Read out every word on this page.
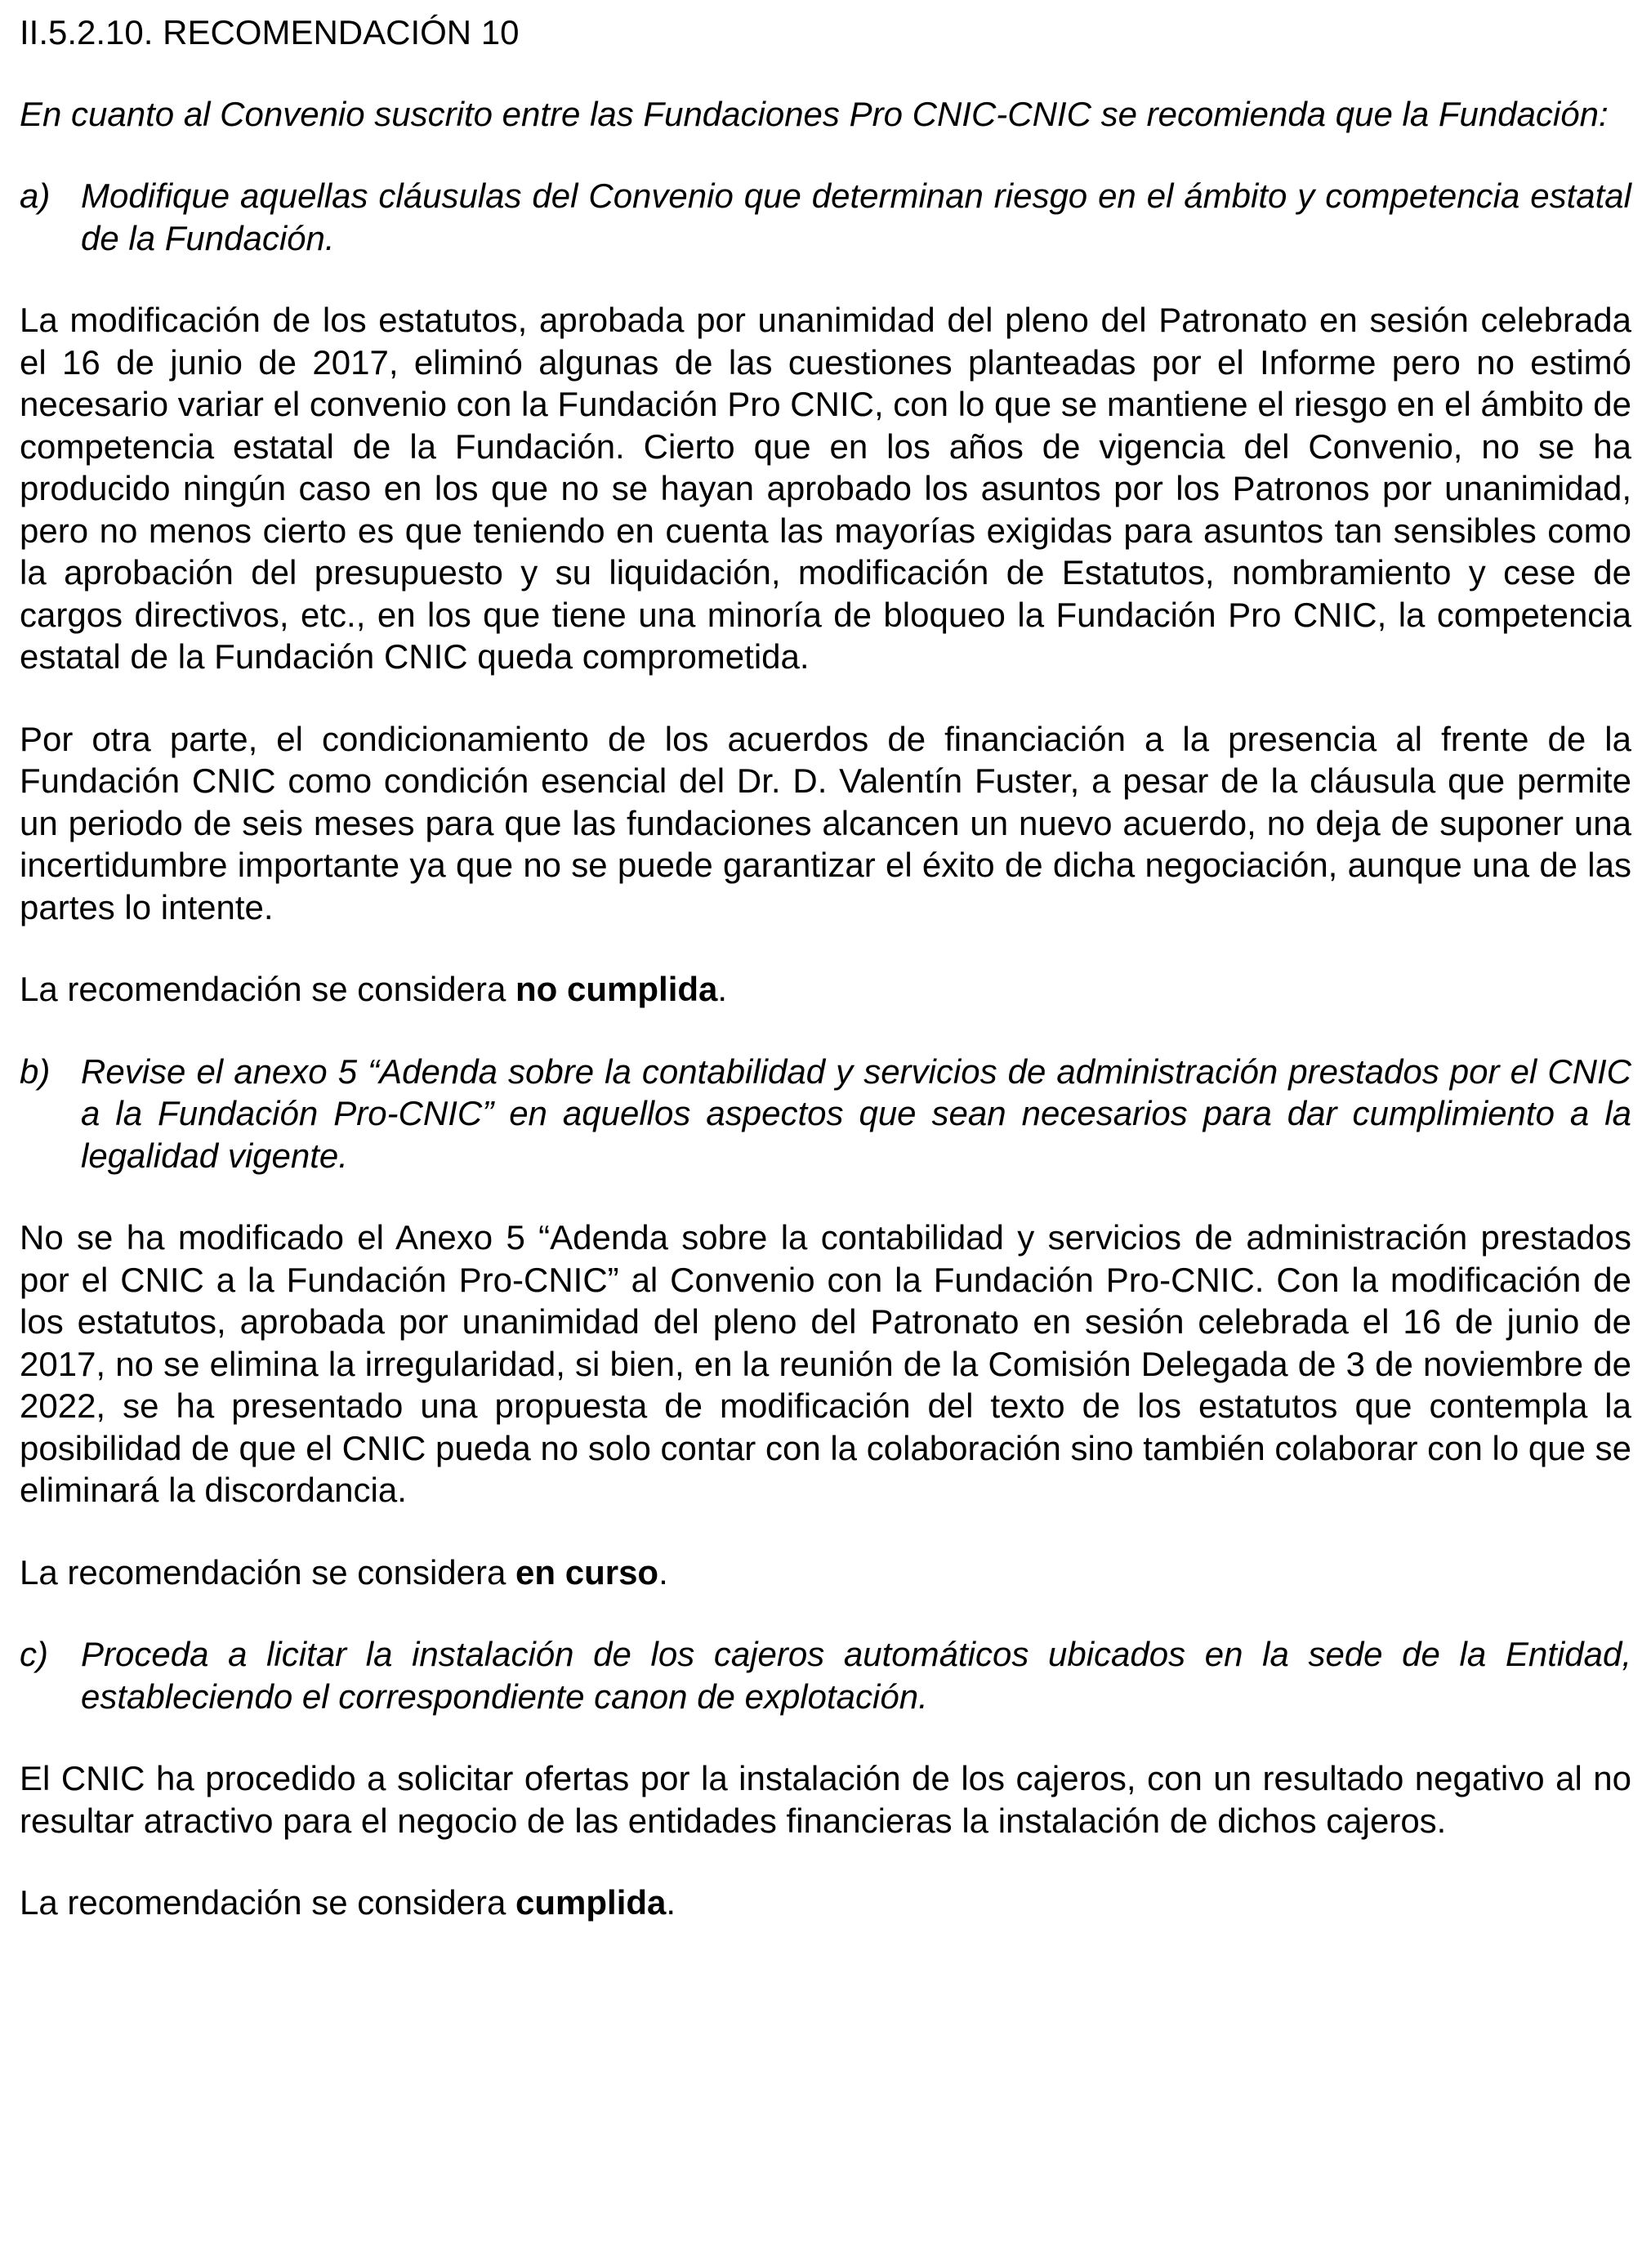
II.5.2.10. RECOMENDACIÓN 10
En cuanto al Convenio suscrito entre las Fundaciones Pro CNIC-CNIC se recomienda que la Fundación:
a) Modifique aquellas cláusulas del Convenio que determinan riesgo en el ámbito y competencia estatal de la Fundación.
La modificación de los estatutos, aprobada por unanimidad del pleno del Patronato en sesión celebrada el 16 de junio de 2017, eliminó algunas de las cuestiones planteadas por el Informe pero no estimó necesario variar el convenio con la Fundación Pro CNIC, con lo que se mantiene el riesgo en el ámbito de competencia estatal de la Fundación. Cierto que en los años de vigencia del Convenio, no se ha producido ningún caso en los que no se hayan aprobado los asuntos por los Patronos por unanimidad, pero no menos cierto es que teniendo en cuenta las mayorías exigidas para asuntos tan sensibles como la aprobación del presupuesto y su liquidación, modificación de Estatutos, nombramiento y cese de cargos directivos, etc., en los que tiene una minoría de bloqueo la Fundación Pro CNIC, la competencia estatal de la Fundación CNIC queda comprometida.
Por otra parte, el condicionamiento de los acuerdos de financiación a la presencia al frente de la Fundación CNIC como condición esencial del Dr. D. Valentín Fuster, a pesar de la cláusula que permite un periodo de seis meses para que las fundaciones alcancen un nuevo acuerdo, no deja de suponer una incertidumbre importante ya que no se puede garantizar el éxito de dicha negociación, aunque una de las partes lo intente.
La recomendación se considera no cumplida.
b) Revise el anexo 5 “Adenda sobre la contabilidad y servicios de administración prestados por el CNIC a la Fundación Pro-CNIC” en aquellos aspectos que sean necesarios para dar cumplimiento a la legalidad vigente.
No se ha modificado el Anexo 5 “Adenda sobre la contabilidad y servicios de administración prestados por el CNIC a la Fundación Pro-CNIC” al Convenio con la Fundación Pro-CNIC. Con la modificación de los estatutos, aprobada por unanimidad del pleno del Patronato en sesión celebrada el 16 de junio de 2017, no se elimina la irregularidad, si bien, en la reunión de la Comisión Delegada de 3 de noviembre de 2022, se ha presentado una propuesta de modificación del texto de los estatutos que contempla la posibilidad de que el CNIC pueda no solo contar con la colaboración sino también colaborar con lo que se eliminará la discordancia.
La recomendación se considera en curso.
c) Proceda a licitar la instalación de los cajeros automáticos ubicados en la sede de la Entidad, estableciendo el correspondiente canon de explotación.
El CNIC ha procedido a solicitar ofertas por la instalación de los cajeros, con un resultado negativo al no resultar atractivo para el negocio de las entidades financieras la instalación de dichos cajeros.
La recomendación se considera cumplida.
